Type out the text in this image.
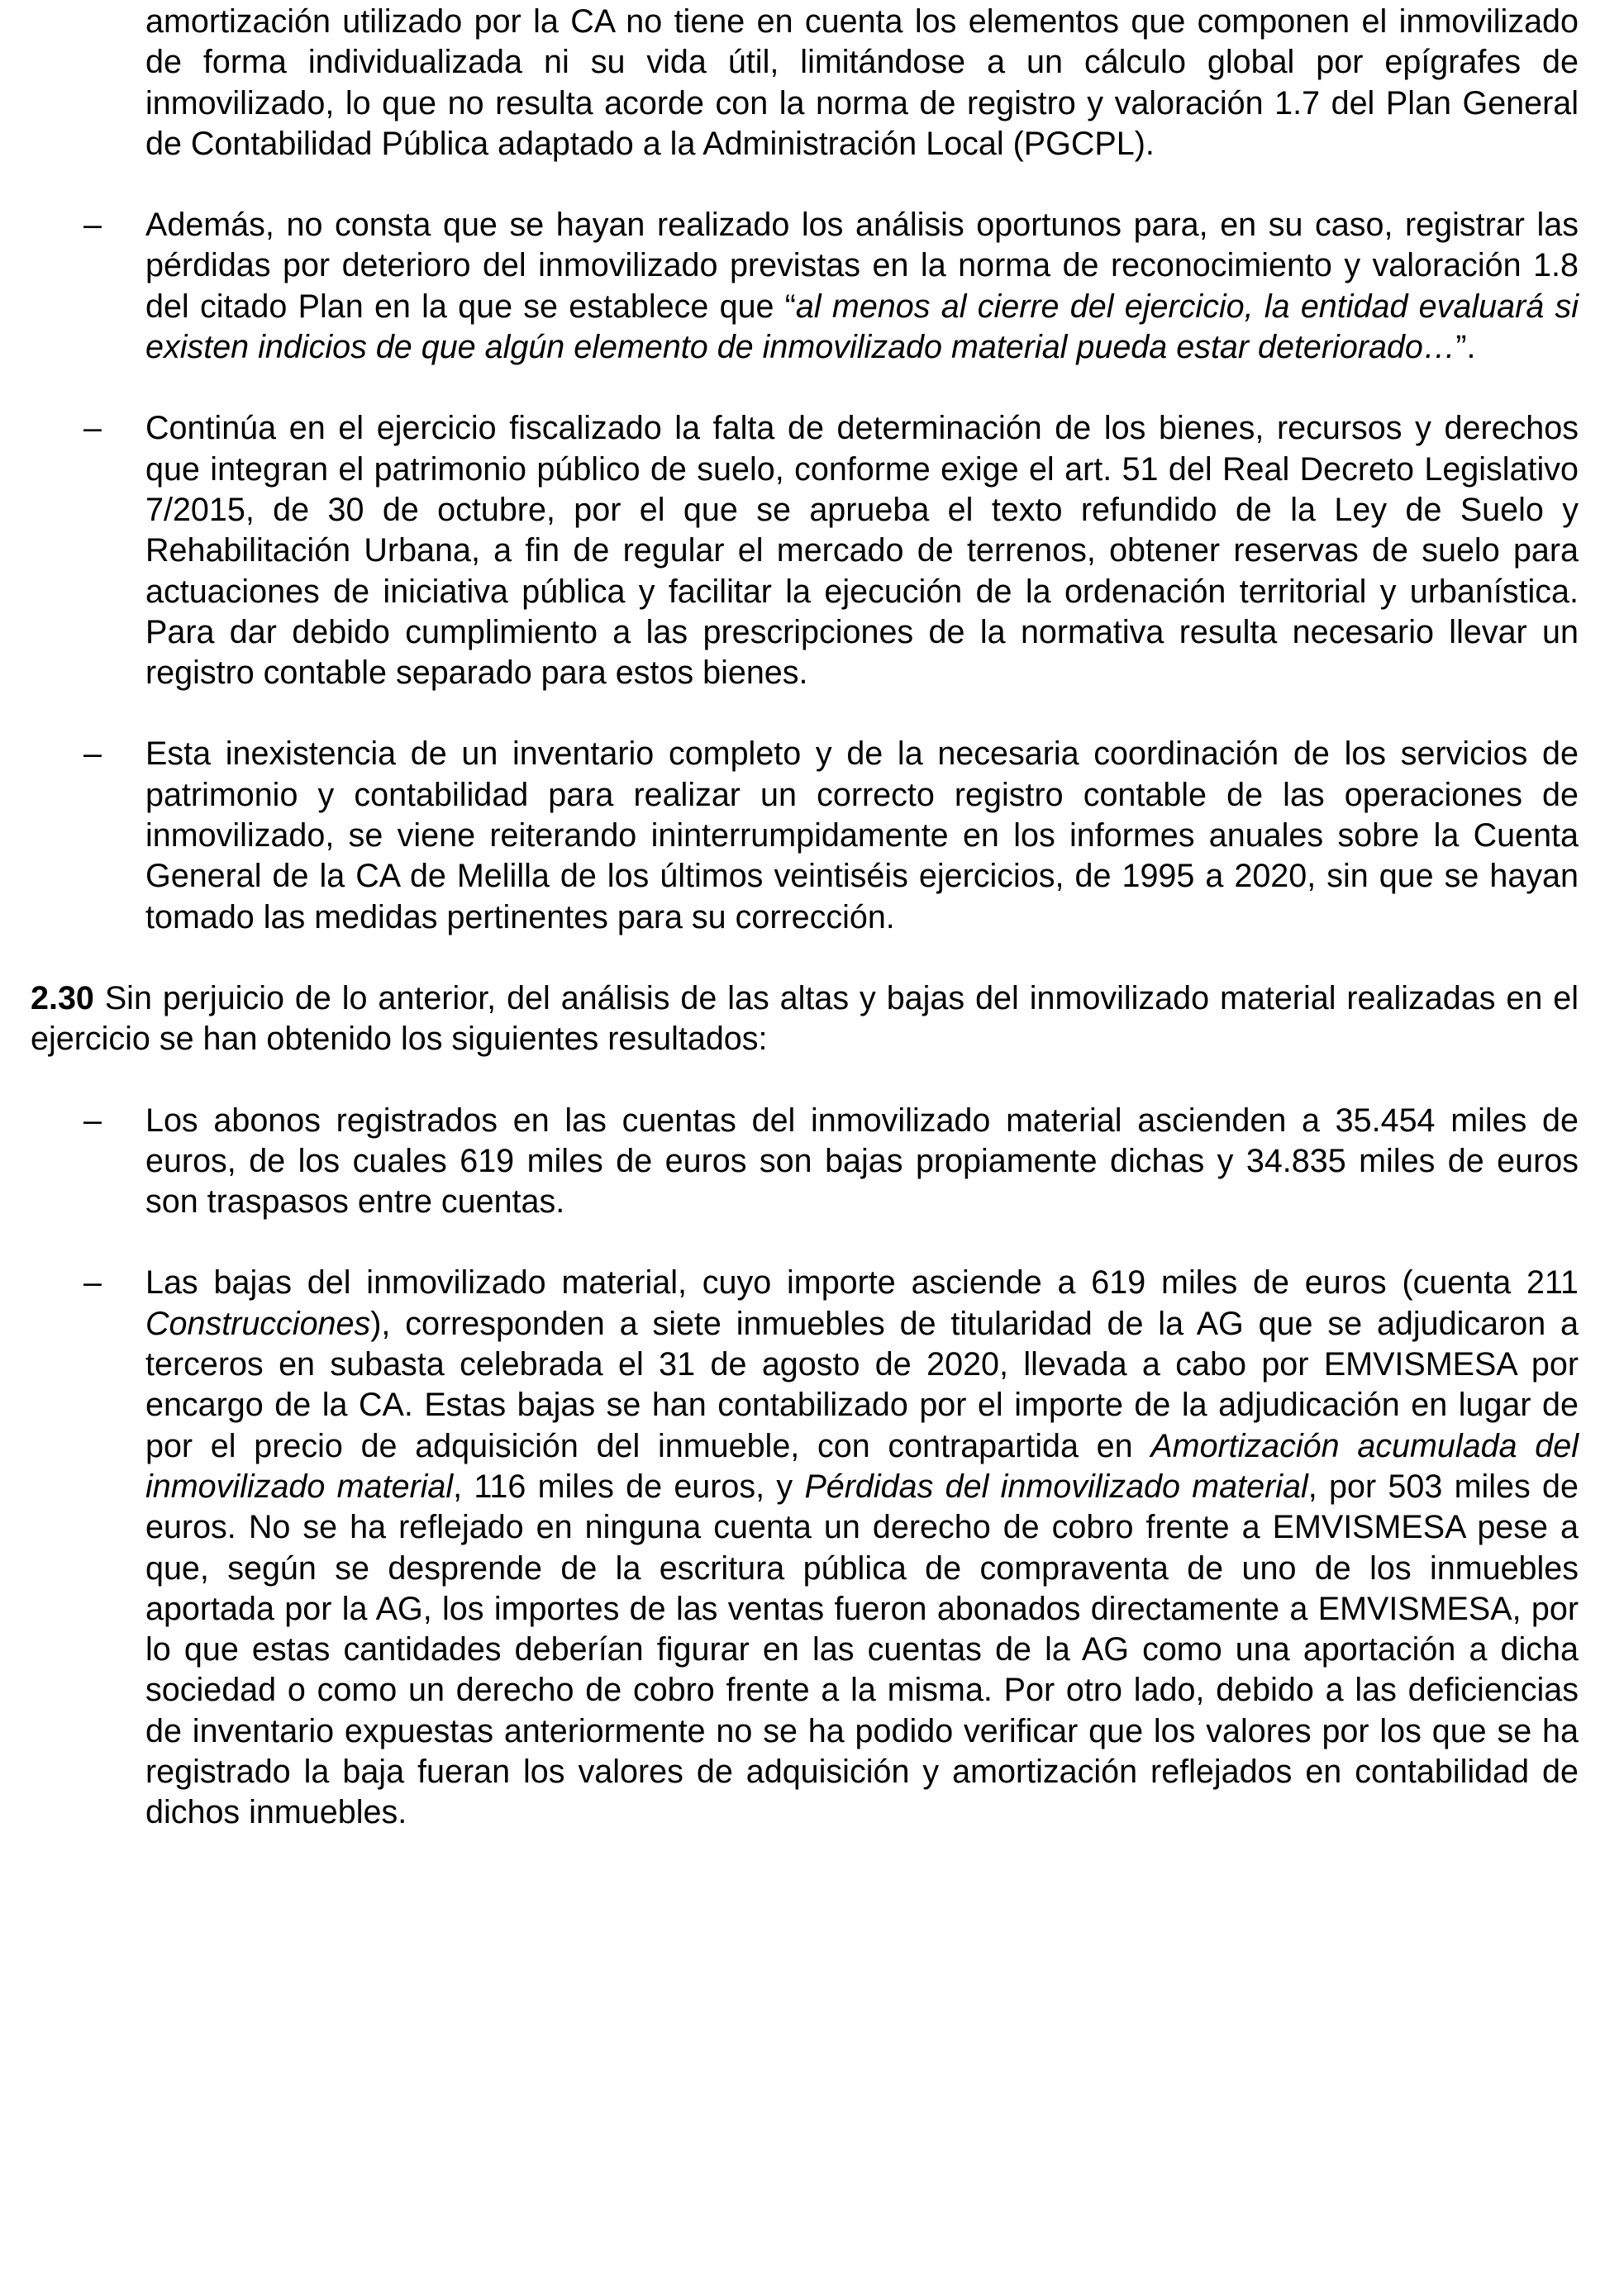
amortización utilizado por la CA no tiene en cuenta los elementos que componen el inmovilizado de forma individualizada ni su vida útil, limitándose a un cálculo global por epígrafes de inmovilizado, lo que no resulta acorde con la norma de registro y valoración 1.7 del Plan General de Contabilidad Pública adaptado a la Administración Local (PGCPL).

– Además, no consta que se hayan realizado los análisis oportunos para, en su caso, registrar las pérdidas por deterioro del inmovilizado previstas en la norma de reconocimiento y valoración 1.8 del citado Plan en la que se establece que “al menos al cierre del ejercicio, la entidad evaluará si existen indicios de que algún elemento de inmovilizado material pueda estar deteriorado…”.

– Continúa en el ejercicio fiscalizado la falta de determinación de los bienes, recursos y derechos que integran el patrimonio público de suelo, conforme exige el art. 51 del Real Decreto Legislativo 7/2015, de 30 de octubre, por el que se aprueba el texto refundido de la Ley de Suelo y Rehabilitación Urbana, a fin de regular el mercado de terrenos, obtener reservas de suelo para actuaciones de iniciativa pública y facilitar la ejecución de la ordenación territorial y urbanística. Para dar debido cumplimiento a las prescripciones de la normativa resulta necesario llevar un registro contable separado para estos bienes.

– Esta inexistencia de un inventario completo y de la necesaria coordinación de los servicios de patrimonio y contabilidad para realizar un correcto registro contable de las operaciones de inmovilizado, se viene reiterando ininterrumpidamente en los informes anuales sobre la Cuenta General de la CA de Melilla de los últimos veintiséis ejercicios, de 1995 a 2020, sin que se hayan tomado las medidas pertinentes para su corrección.

2.30 Sin perjuicio de lo anterior, del análisis de las altas y bajas del inmovilizado material realizadas en el ejercicio se han obtenido los siguientes resultados:

– Los abonos registrados en las cuentas del inmovilizado material ascienden a 35.454 miles de euros, de los cuales 619 miles de euros son bajas propiamente dichas y 34.835 miles de euros son traspasos entre cuentas.

– Las bajas del inmovilizado material, cuyo importe asciende a 619 miles de euros (cuenta 211 Construcciones), corresponden a siete inmuebles de titularidad de la AG que se adjudicaron a terceros en subasta celebrada el 31 de agosto de 2020, llevada a cabo por EMVISMESA por encargo de la CA. Estas bajas se han contabilizado por el importe de la adjudicación en lugar de por el precio de adquisición del inmueble, con contrapartida en Amortización acumulada del inmovilizado material, 116 miles de euros, y Pérdidas del inmovilizado material, por 503 miles de euros. No se ha reflejado en ninguna cuenta un derecho de cobro frente a EMVISMESA pese a que, según se desprende de la escritura pública de compraventa de uno de los inmuebles aportada por la AG, los importes de las ventas fueron abonados directamente a EMVISMESA, por lo que estas cantidades deberían figurar en las cuentas de la AG como una aportación a dicha sociedad o como un derecho de cobro frente a la misma. Por otro lado, debido a las deficiencias de inventario expuestas anteriormente no se ha podido verificar que los valores por los que se ha registrado la baja fueran los valores de adquisición y amortización reflejados en contabilidad de dichos inmuebles.
